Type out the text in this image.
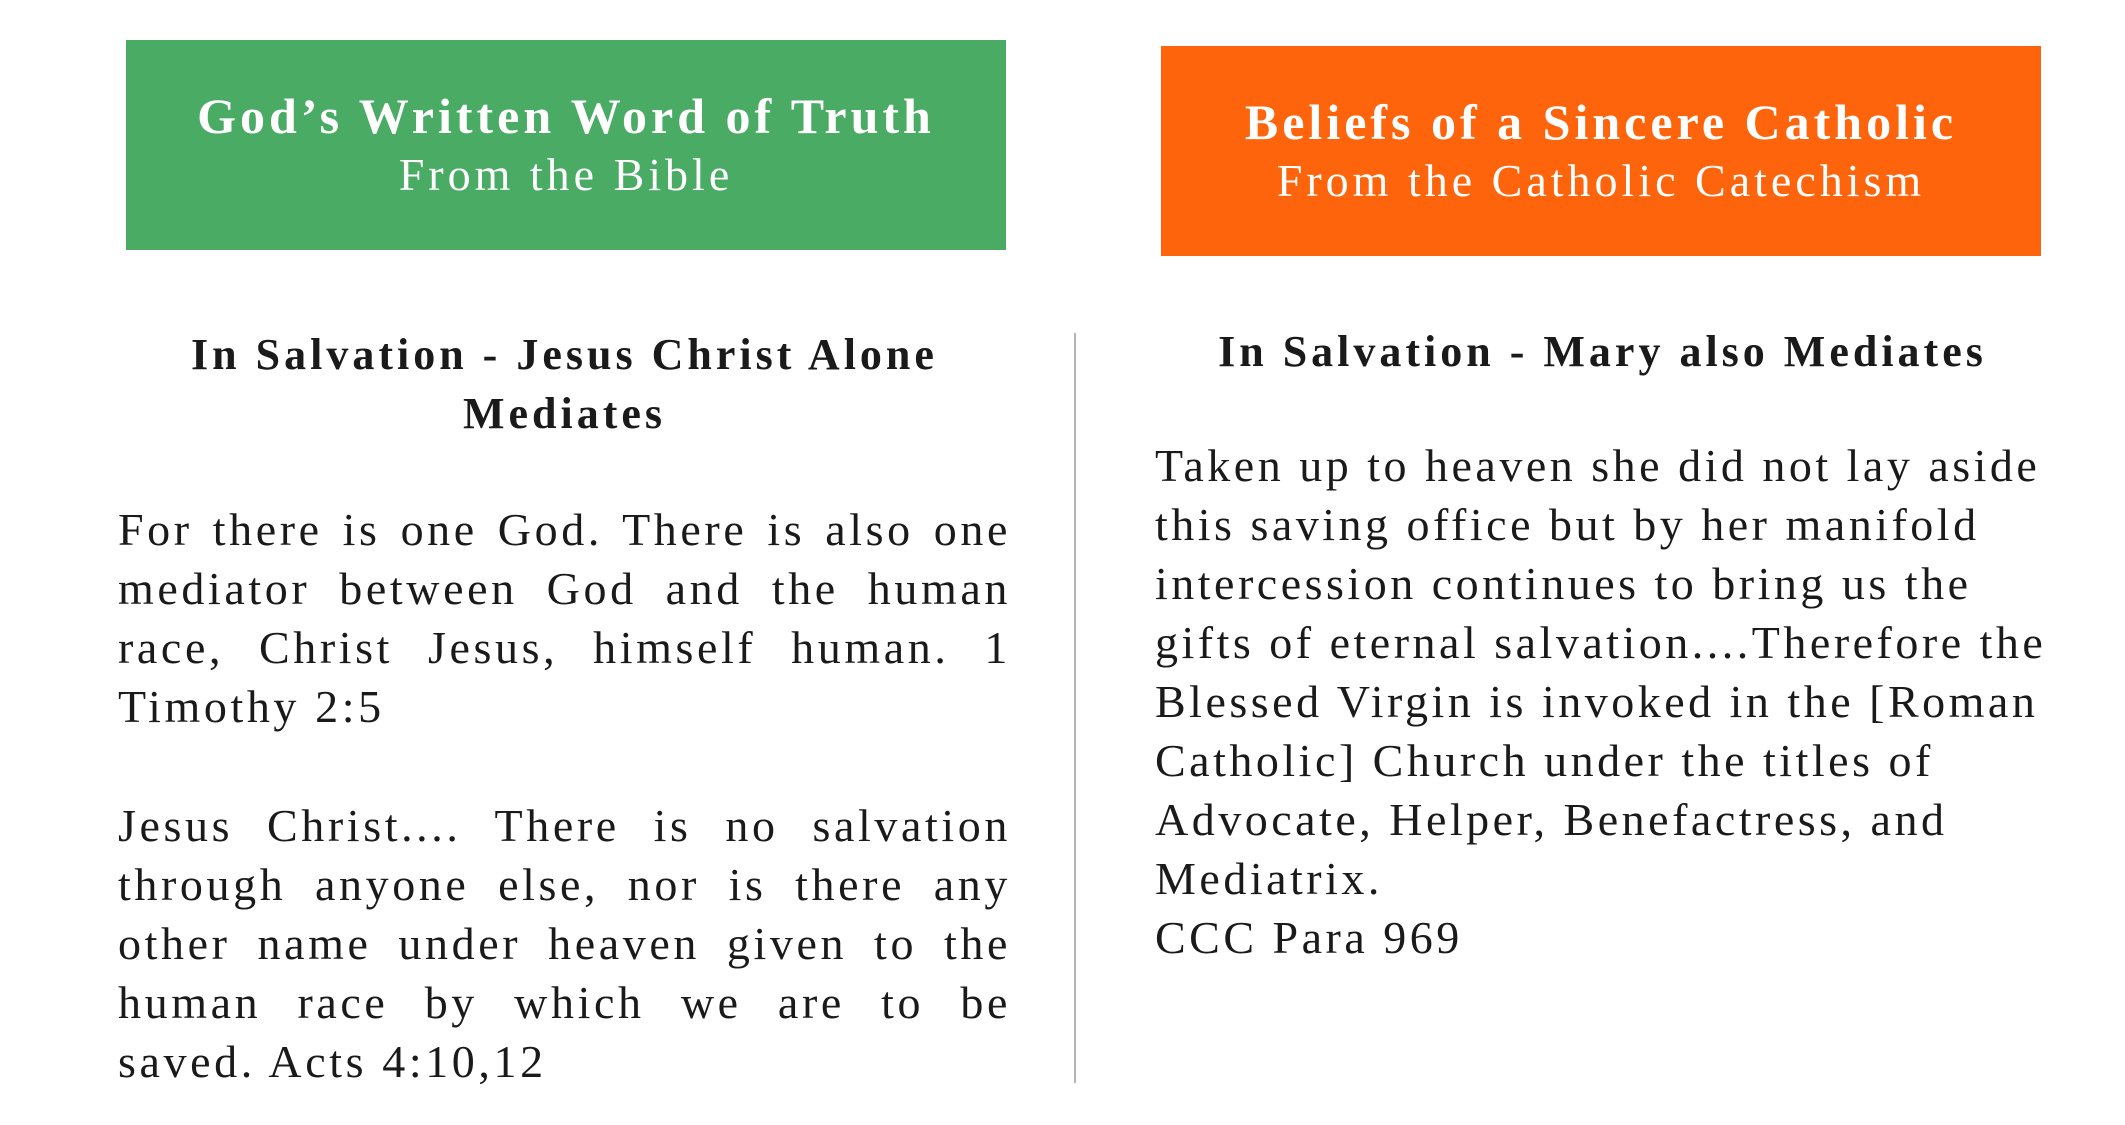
God’s Written Word of Truth
From the Bible
Beliefs of a Sincere Catholic
From the Catholic Catechism

In Salvation - Jesus Christ Alone Mediates

For there is one God. There is also one mediator between God and the human race, Christ Jesus, himself human. 1 Timothy 2:5

Jesus Christ.... There is no salvation through anyone else, nor is there any other name under heaven given to the human race by which we are to be saved. Acts 4:10,12

In Salvation - Mary also Mediates

Taken up to heaven she did not lay aside this saving office but by her manifold intercession continues to bring us the gifts of eternal salvation....Therefore the Blessed Virgin is invoked in the [Roman Catholic] Church under the titles of Advocate, Helper, Benefactress, and Mediatrix.
CCC Para 969
